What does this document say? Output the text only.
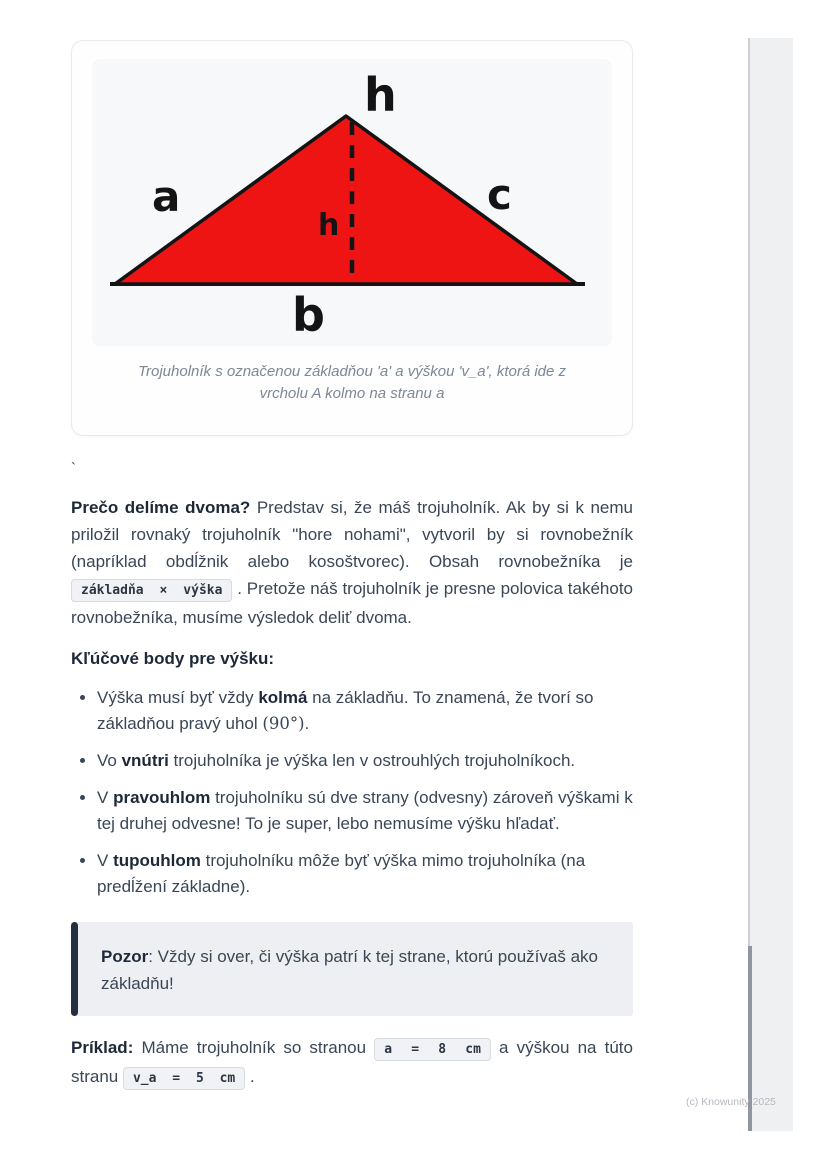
h
a	c
h
b
Trojuholník s označenou základňou 'a' a výškou 'v_a', ktorá ide z vrcholu A kolmo na stranu a
`

Prečo delíme dvoma? Predstav si, že máš trojuholník. Ak by si k nemu priložil rovnaký trojuholník "hore nohami", vytvoril by si rovnobežník (napríklad obdĺžnik alebo kosoštvorec). Obsah rovnobežníka je základňa × výška . Pretože náš trojuholník je presne polovica takéhoto rovnobežníka, musíme výsledok deliť dvoma.

Kľúčové body pre výšku:
• Výška musí byť vždy kolmá na základňu. To znamená, že tvorí so základňou pravý uhol (90°).
• Vo vnútri trojuholníka je výška len v ostrouhlých trojuholníkoch.
• V pravouhlom trojuholníku sú dve strany (odvesny) zároveň výškami k tej druhej odvesne! To je super, lebo nemusíme výšku hľadať.
• V tupouhlom trojuholníku môže byť výška mimo trojuholníka (na predĺžení základne).

Pozor: Vždy si over, či výška patrí k tej strane, ktorú používaš ako základňu!

Príklad: Máme trojuholník so stranou a = 8 cm a výškou na túto stranu v_a = 5 cm .

(c) Knowunity 2025
